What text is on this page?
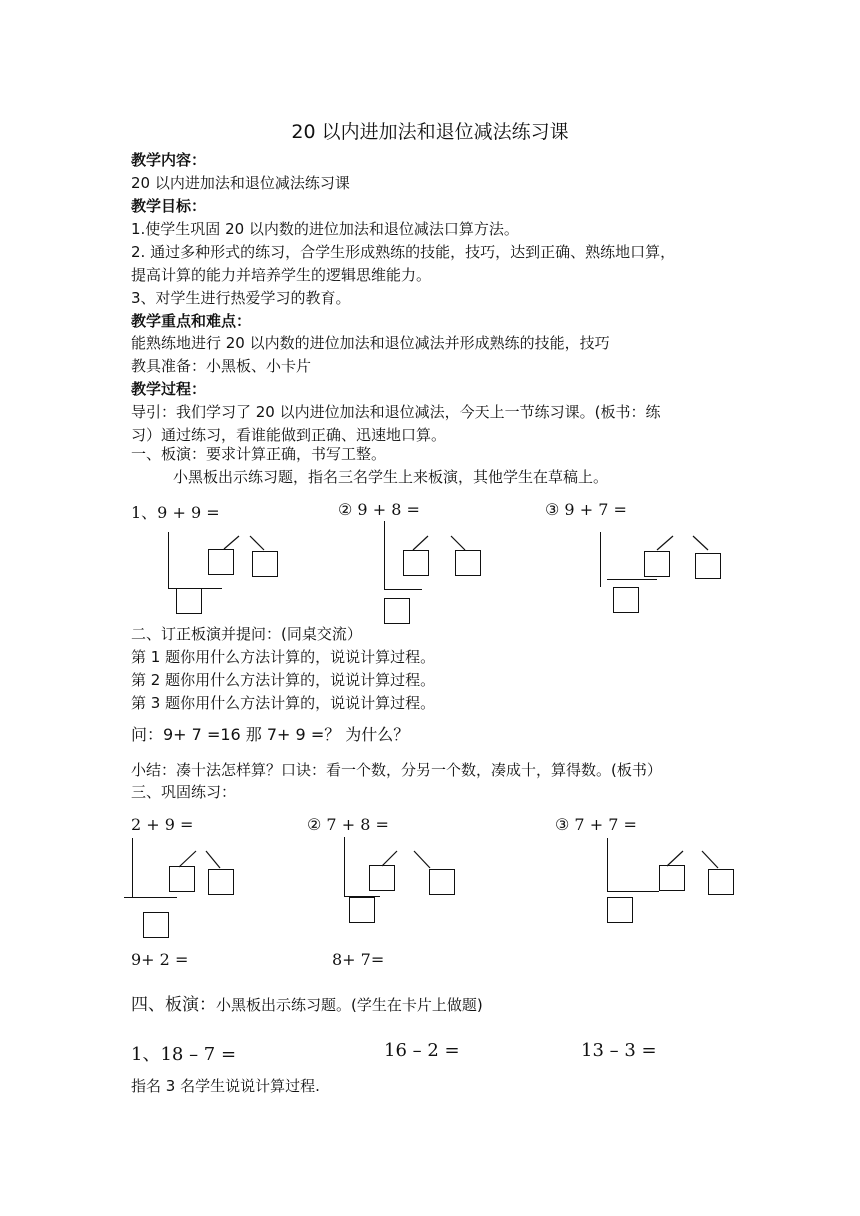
20 以内进加法和退位减法练习课
教学内容：
20 以内进加法和退位减法练习课
教学目标：
1.使学生巩固 20 以内数的进位加法和退位减法口算方法。
2. 通过多种形式的练习，合学生形成熟练的技能，技巧，达到正确、熟练地口算，
提高计算的能力并培养学生的逻辑思维能力。
3、对学生进行热爱学习的教育。
教学重点和难点：
能熟练地进行 20 以内数的进位加法和退位减法并形成熟练的技能，技巧
教具准备：小黑板、小卡片
教学过程：
导引：我们学习了 20 以内进位加法和退位减法，今天上一节练习课。(板书：练
习）通过练习，看谁能做到正确、迅速地口算。
一、板演：要求计算正确，书写工整。
小黑板出示练习题，指名三名学生上来板演，其他学生在草稿上。
1、9 + 9 =	② 9 + 8 =	③ 9 + 7 =
二、订正板演并提问：(同桌交流）
第 1 题你用什么方法计算的，说说计算过程。
第 2 题你用什么方法计算的，说说计算过程。
第 3 题你用什么方法计算的，说说计算过程。
问：9+ 7 =16 那 7+ 9 =？ 为什么？
小结：凑十法怎样算？口诀：看一个数，分另一个数，凑成十，算得数。(板书）
三、巩固练习：
2 + 9 =	② 7 + 8 =	③ 7 + 7 =
9+ 2 =	8+ 7=
四、板演：小黑板出示练习题。(学生在卡片上做题)
1、18 – 7 =	16 – 2 =	13 – 3 =
指名 3 名学生说说计算过程.
